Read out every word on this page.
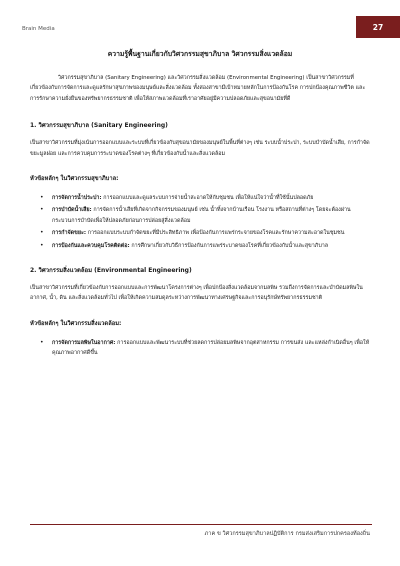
Brain Media	27
ความรู้พื้นฐานเกี่ยวกับวิศวกรรมสุขาภิบาล วิศวกรรมสิ่งแวดล้อม

วิศวกรรมสุขาภิบาล (Sanitary Engineering) และวิศวกรรมสิ่งแวดล้อม (Environmental Engineering) เป็นสาขาวิศวกรรมที่เกี่ยวข้องกับการจัดการและดูแลรักษาสุขภาพของมนุษย์และสิ่งแวดล้อม ทั้งสองสาขามีเป้าหมายหลักในการป้องกันโรค การปกป้องคุณภาพชีวิต และการรักษาความยั่งยืนของทรัพยากรธรรมชาติ เพื่อให้สภาพแวดล้อมที่เราอาศัยอยู่มีความปลอดภัยและสุขอนามัยที่ดี

1. วิศวกรรมสุขาภิบาล (Sanitary Engineering)

เป็นสาขาวิศวกรรมที่มุ่งเน้นการออกแบบและระบบที่เกี่ยวข้องกับสุขอนามัยของมนุษย์ในพื้นที่ต่างๆ เช่น ระบบน้ำประปา, ระบบบำบัดน้ำเสีย, การกำจัดขยะมูลฝอย และการควบคุมการระบาดของโรคต่างๆ ที่เกี่ยวข้องกับน้ำและสิ่งแวดล้อม

หัวข้อหลักๆ ในวิศวกรรมสุขาภิบาล:
• การจัดการน้ำประปา: การออกแบบและดูแลระบบการจ่ายน้ำสะอาดให้กับชุมชน เพื่อให้แน่ใจว่าน้ำที่ใช้นั้นปลอดภัย
• การบำบัดน้ำเสีย: การจัดการน้ำเสียที่เกิดจากกิจกรรมของมนุษย์ เช่น น้ำทิ้งจากบ้านเรือน โรงงาน หรือสถานที่ต่างๆ โดยจะต้องผ่านกระบวนการบำบัดเพื่อให้ปลอดภัยก่อนการปล่อยสู่สิ่งแวดล้อม
• การกำจัดขยะ: การออกแบบระบบกำจัดขยะที่มีประสิทธิภาพ เพื่อป้องกันการแพร่กระจายของโรคและรักษาความสะอาดในชุมชน
• การป้องกันและควบคุมโรคติดต่อ: การศึกษาเกี่ยวกับวิธีการป้องกันการแพร่ระบาดของโรคที่เกี่ยวข้องกับน้ำและสุขาภิบาล
2. วิศวกรรมสิ่งแวดล้อม (Environmental Engineering)

เป็นสาขาวิศวกรรมที่เกี่ยวข้องกับการออกแบบและการพัฒนาโครงการต่างๆ เพื่อปกป้องสิ่งแวดล้อมจากมลพิษ รวมถึงการจัดการและบำบัดมลพิษในอากาศ, น้ำ, ดิน และสิ่งแวดล้อมทั่วไป เพื่อให้เกิดความสมดุลระหว่างการพัฒนาทางเศรษฐกิจและการอนุรักษ์ทรัพยากรธรรมชาติ

หัวข้อหลักๆ ในวิศวกรรมสิ่งแวดล้อม:
• การจัดการมลพิษในอากาศ: การออกแบบและพัฒนาระบบที่ช่วยลดการปล่อยมลพิษจากอุตสาหกรรม การขนส่ง และแหล่งกำเนิดอื่นๆ เพื่อให้คุณภาพอากาศดีขึ้น
ภาค ข วิศวกรรมสุขาภิบาลปฏิบัติการ กรมส่งเสริมการปกครองท้องถิ่น
